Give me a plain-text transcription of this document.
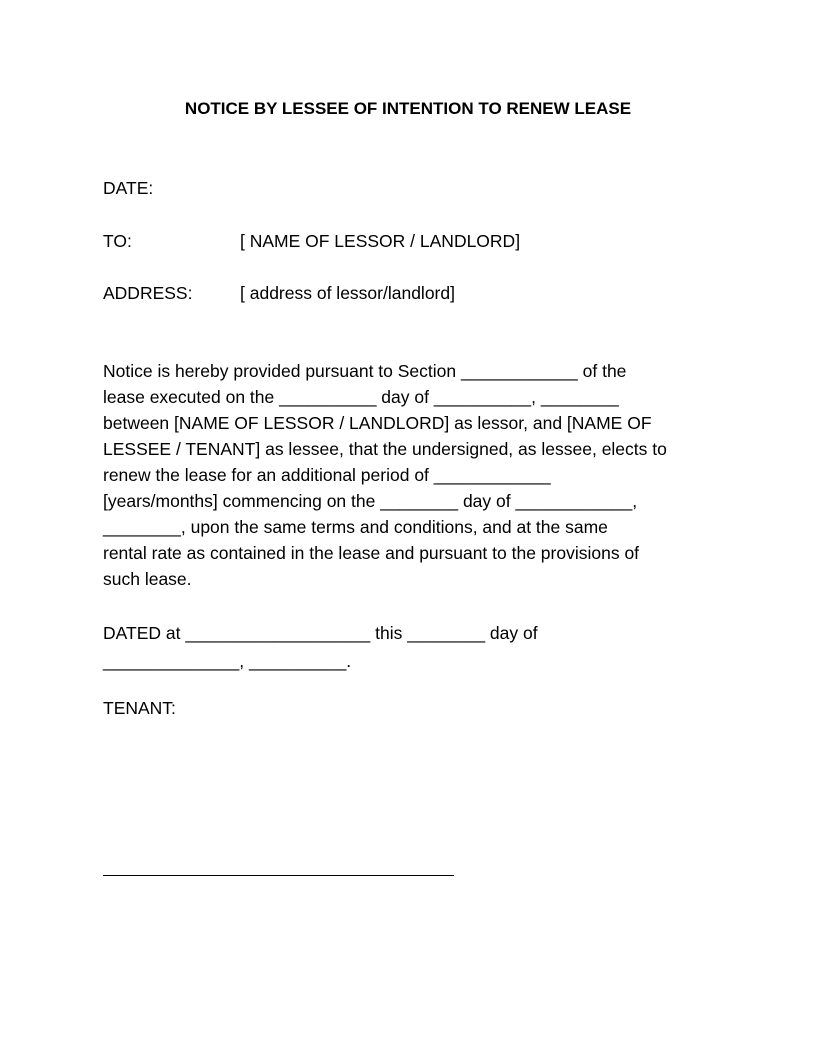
NOTICE BY LESSEE OF INTENTION TO RENEW LEASE
DATE:
TO:	[ NAME OF LESSOR / LANDLORD]
ADDRESS:	[ address of lessor/landlord]
Notice is hereby provided pursuant to Section ____________ of the
lease executed on the __________ day of __________, ________
between [NAME OF LESSOR / LANDLORD] as lessor, and [NAME OF
LESSEE / TENANT] as lessee, that the undersigned, as lessee, elects to
renew the lease for an additional period of ____________
[years/months] commencing on the ________ day of ____________,
________, upon the same terms and conditions, and at the same
rental rate as contained in the lease and pursuant to the provisions of
such lease.
DATED at ___________________ this ________ day of
______________, __________.
TENANT:
